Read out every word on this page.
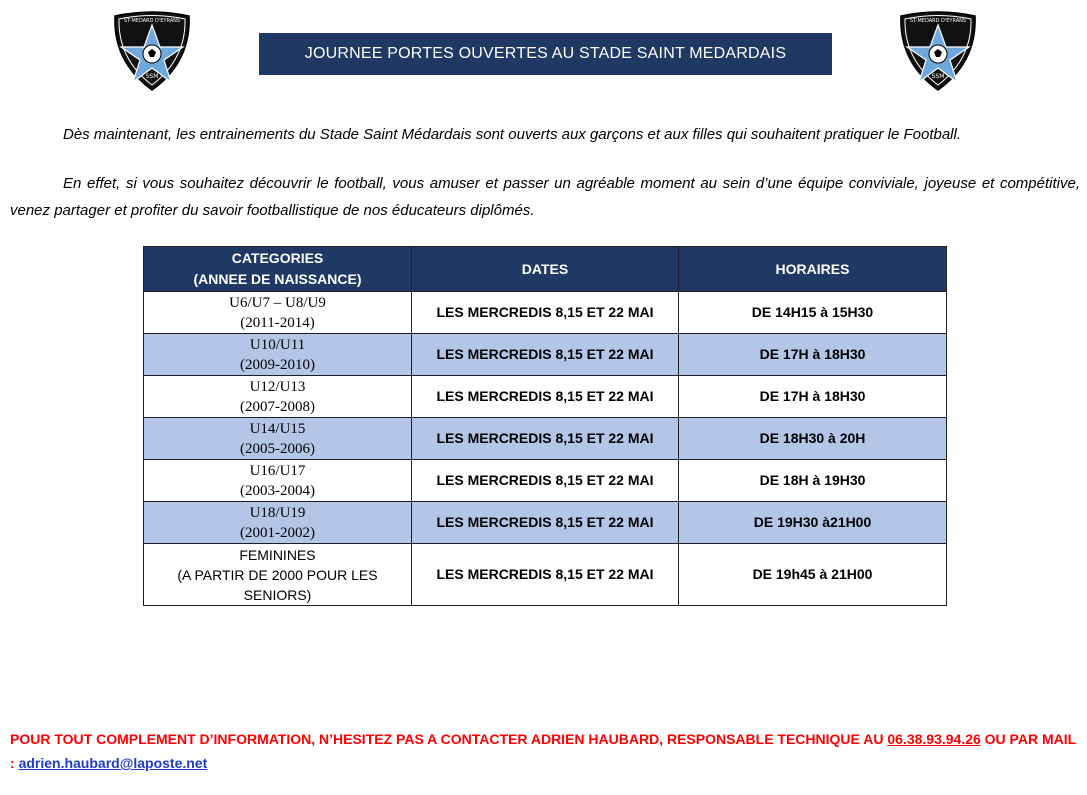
ST-MEDARD D'EYRANS
SSM
JOURNEE PORTES OUVERTES AU STADE SAINT MEDARDAIS
ST-MEDARD D'EYRANS
SSM

Dès maintenant, les entrainements du Stade Saint Médardais sont ouverts aux garçons et aux filles qui souhaitent pratiquer le Football.

En effet, si vous souhaitez découvrir le football, vous amuser et passer un agréable moment au sein d’une équipe conviviale, joyeuse et compétitive, venez partager et profiter du savoir footballistique de nos éducateurs diplômés.

CATEGORIES
(ANNEE DE NAISSANCE)	DATES	HORAIRES

U6/U7 – U8/U9
(2011-2014)	LES MERCREDIS 8,15 ET 22 MAI	DE 14H15 à 15H30

U10/U11
(2009-2010)	LES MERCREDIS 8,15 ET 22 MAI	DE 17H à 18H30

U12/U13
(2007-2008)	LES MERCREDIS 8,15 ET 22 MAI	DE 17H à 18H30

U14/U15
(2005-2006)	LES MERCREDIS 8,15 ET 22 MAI	DE 18H30 à 20H

U16/U17
(2003-2004)	LES MERCREDIS 8,15 ET 22 MAI	DE 18H à 19H30

U18/U19
(2001-2002)	LES MERCREDIS 8,15 ET 22 MAI	DE 19H30 à21H00

FEMININES
(A PARTIR DE 2000 POUR LES SENIORS)	LES MERCREDIS 8,15 ET 22 MAI	DE 19h45 à 21H00
POUR TOUT COMPLEMENT D’INFORMATION, N’HESITEZ PAS A CONTACTER ADRIEN HAUBARD, RESPONSABLE TECHNIQUE AU 06.38.93.94.26 OU PAR MAIL : adrien.haubard@laposte.net
